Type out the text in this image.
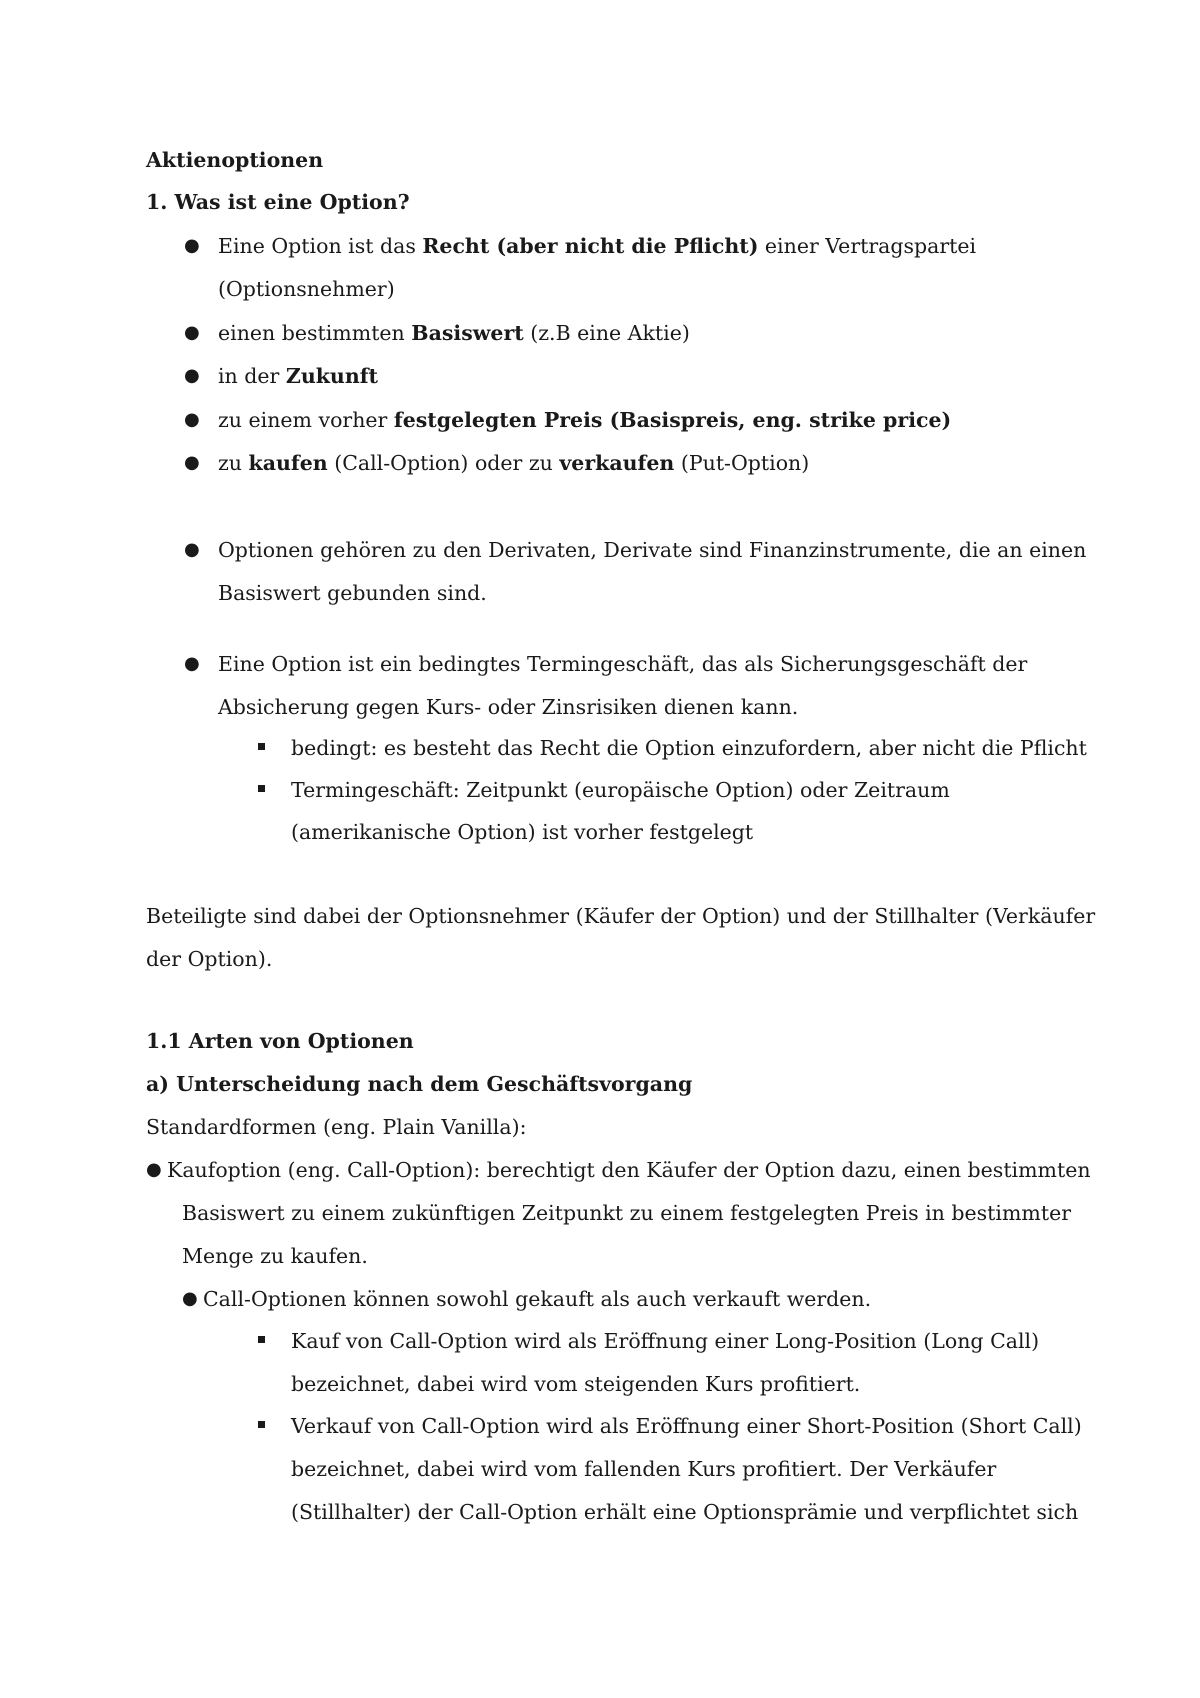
Aktienoptionen
1. Was ist eine Option?
● Eine Option ist das Recht (aber nicht die Pflicht) einer Vertragspartei
(Optionsnehmer)
● einen bestimmten Basiswert (z.B eine Aktie)
● in der Zukunft
● zu einem vorher festgelegten Preis (Basispreis, eng. strike price)
● zu kaufen (Call-Option) oder zu verkaufen (Put-Option)
● Optionen gehören zu den Derivaten, Derivate sind Finanzinstrumente, die an einen
Basiswert gebunden sind.
● Eine Option ist ein bedingtes Termingeschäft, das als Sicherungsgeschäft der
Absicherung gegen Kurs- oder Zinsrisiken dienen kann.
bedingt: es besteht das Recht die Option einzufordern, aber nicht die Pflicht
Termingeschäft: Zeitpunkt (europäische Option) oder Zeitraum
(amerikanische Option) ist vorher festgelegt
Beteiligte sind dabei der Optionsnehmer (Käufer der Option) und der Stillhalter (Verkäufer
der Option).
1.1 Arten von Optionen
a) Unterscheidung nach dem Geschäftsvorgang
Standardformen (eng. Plain Vanilla):
● Kaufoption (eng. Call-Option): berechtigt den Käufer der Option dazu, einen bestimmten
Basiswert zu einem zukünftigen Zeitpunkt zu einem festgelegten Preis in bestimmter
Menge zu kaufen.
● Call-Optionen können sowohl gekauft als auch verkauft werden.
Kauf von Call-Option wird als Eröffnung einer Long-Position (Long Call)
bezeichnet, dabei wird vom steigenden Kurs profitiert.
Verkauf von Call-Option wird als Eröffnung einer Short-Position (Short Call)
bezeichnet, dabei wird vom fallenden Kurs profitiert. Der Verkäufer
(Stillhalter) der Call-Option erhält eine Optionsprämie und verpflichtet sich
